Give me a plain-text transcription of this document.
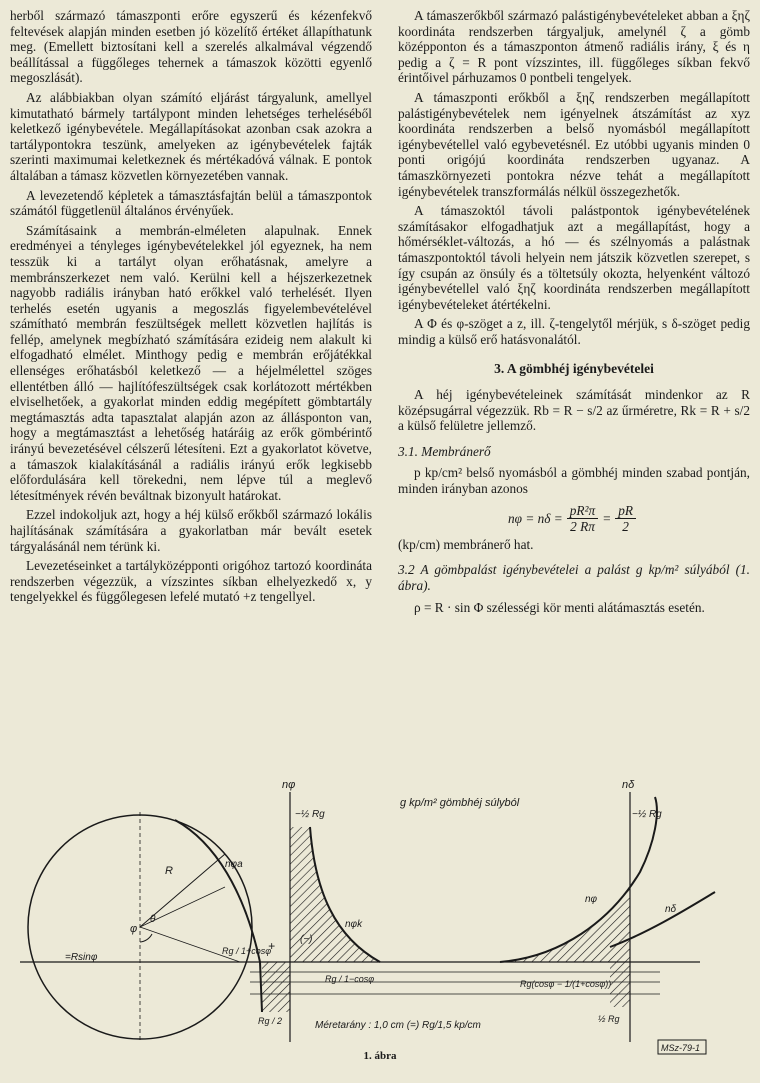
herből származó támaszponti erőre egyszerű és kézenfekvő feltevések alapján minden esetben jó közelítő értéket állapíthatunk meg. (Emellett biztosítani kell a szerelés alkalmával végzendő beállítással a függőleges tehernek a támaszok közötti egyenlő megoszlását).

Az alábbiakban olyan számító eljárást tárgyalunk, amellyel kimutatható bármely tartálypont minden lehetséges terheléséből keletkező igénybevétele. Megállapításokat azonban csak azokra a tartálypontokra teszünk, amelyeken az igénybevételek fajták szerinti maximumai keletkeznek és mértékadóvá válnak. E pontok általában a támasz közvetlen környezetében vannak.

A levezetendő képletek a támasztásfajtán belül a támaszpontok számától függetlenül általános érvényűek.

Számításaink a membrán-elméleten alapulnak. Ennek eredményei a tényleges igénybevételekkel jól egyeznek, ha nem tesszük ki a tartályt olyan erőhatásnak, amelyre a membránszerkezet nem való. Kerülni kell a héjszerkezetnek nagyobb radiális irányban ható erőkkel való terhelését. Ilyen terhelés esetén ugyanis a megoszlás figyelembevételével számítható membrán feszültségek mellett közvetlen hajlítás is fellép, amelynek megbízható számítására ezideig nem alakult ki elfogadható elmélet. Minthogy pedig e membrán erőjátékkal ellenséges erőhatásból keletkező — a héjelmélettel szöges ellentétben álló — hajlítófeszültségek csak korlátozott mértékben elviselhetőek, a gyakorlat minden eddig megépített gömbtartály megtámasztás adta tapasztalat alapján azon az állásponton van, hogy a megtámasztást a lehetőség határáig az erők gömbérintő irányú bevezetésével célszerű létesíteni. Ezt a gyakorlatot követve, a támaszok kialakításánál a radiális irányú erők legkisebb előfordulására kell törekedni, nem lépve túl a meglevő létesítmények révén beváltnak bizonyult határokat.

Ezzel indokoljuk azt, hogy a héj külső erőkből származó lokális hajlításának számítására a gyakorlatban már bevált esetek tárgyalásánál nem térünk ki.

Levezetéseinket a tartályközépponti origóhoz tartozó koordináta rendszerben végezzük, a vízszintes síkban elhelyezkedő x, y tengelyekkel és függőlegesen lefelé mutató +z tengellyel.

A támaszerőkből származó palástigénybevételeket abban a ξηζ koordináta rendszerben tárgyaljuk, amelynél ζ a gömb középponton és a támaszponton átmenő radiális irány, ξ és η pedig a ζ = R pont vízszintes, ill. függőleges síkban fekvő érintőivel párhuzamos 0 pontbeli tengelyek.

A támaszponti erőkből a ξηζ rendszerben megállapított palástigénybevételek nem igényelnek átszámítást az xyz koordináta rendszerben a belső nyomásból megállapított igénybevétellel való egybevetésnél. Ez utóbbi ugyanis minden 0 ponti origójú koordináta rendszerben ugyanaz. A támaszkörnyezeti pontokra nézve tehát a megállapított igénybevételek transzformálás nélkül összegezhetők.

A támaszoktól távoli palástpontok igénybevételének számításakor elfogadhatjuk azt a megállapítást, hogy a hőmérséklet-változás, a hó — és szélnyomás a palástnak támaszpontoktól távoli helyein nem játszik közvetlen szerepet, s így csupán az önsúly és a töltetsúly okozta, helyenként változó igénybevétellel való ξηζ koordináta rendszerben megállapított igénybevételeket átértékelni.

A Φ és φ-szöget a z, ill. ζ-tengelytől mérjük, s δ-szöget pedig mindig a külső erő hatásvonalától.

3. A gömbhéj igénybevételei

A héj igénybevételeinek számítását mindenkor az R középsugárral végezzük. Rb = R − s/2 az űrméretre, Rk = R + s/2 a külső felületre jellemző.

3.1. Membránerő

p kp/cm² belső nyomásból a gömbhéj minden szabad pontján, minden irányban azonos

$n\varphi = n\delta = \frac{\text{pR²π}}{2 R\pi} = \frac{pR}{2}$

(kp/cm) membránerő hat.

3.2 A gömbpalást igénybevételei a palást g kp/m² súlyából (1. ábra).

ρ = R · sin Φ szélességi kör menti alátámasztás esetén.

nφ	nδ
g kp/m² gömbhéj súlyból
−½ Rg	−½ Rg
R
φ
θ
=Rsinφ
nφa
nφk
nφ
nδ
Rg / 1+cosφ
Rg / 1−cosφ	Rg(cosφ − 1/(1+cosφ))
Rg / 2	½ Rg
+ (−)
Méretarány : 1,0 cm (=) Rg/1,5 kp/cm
MSz-79-1
1. ábra
